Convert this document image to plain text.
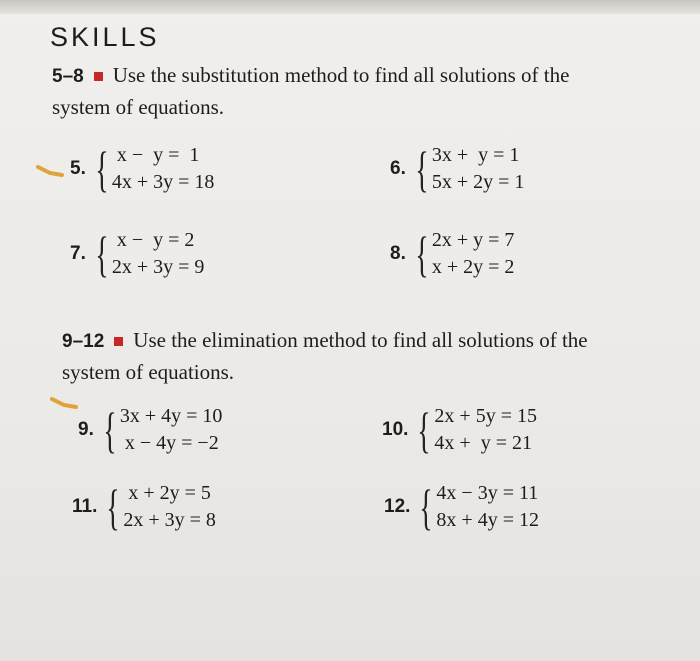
SKILLS
5–8 Use the substitution method to find all solutions of the
system of equations.
5. { x −  y =  1
4x + 3y = 18
6. { 3x +  y = 1
5x + 2y = 1
7. { x −  y = 2
2x + 3y = 9
8. { 2x + y = 7
x + 2y = 2
9–12 Use the elimination method to find all solutions of the
system of equations.
9. { 3x + 4y = 10
x − 4y = −2
10. { 2x + 5y = 15
4x +  y = 21
11. { x + 2y = 5
2x + 3y = 8
12. { 4x − 3y = 11
8x + 4y = 12
